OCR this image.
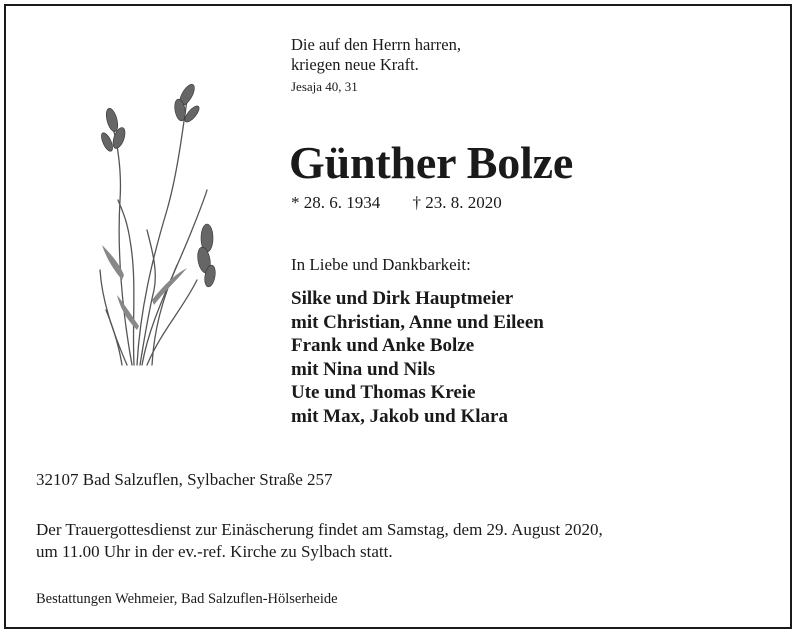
Die auf den Herrn harren,
kriegen neue Kraft.
Jesaja 40, 31
Günther Bolze
* 28. 6. 1934 † 23. 8. 2020
In Liebe und Dankbarkeit:
Silke und Dirk Hauptmeier
mit Christian, Anne und Eileen
Frank und Anke Bolze
mit Nina und Nils
Ute und Thomas Kreie
mit Max, Jakob und Klara
32107 Bad Salzuflen, Sylbacher Straße 257
Der Trauergottesdienst zur Einäscherung findet am Samstag, dem 29. August 2020,
um 11.00 Uhr in der ev.-ref. Kirche zu Sylbach statt.
Bestattungen Wehmeier, Bad Salzuflen-Hölserheide
